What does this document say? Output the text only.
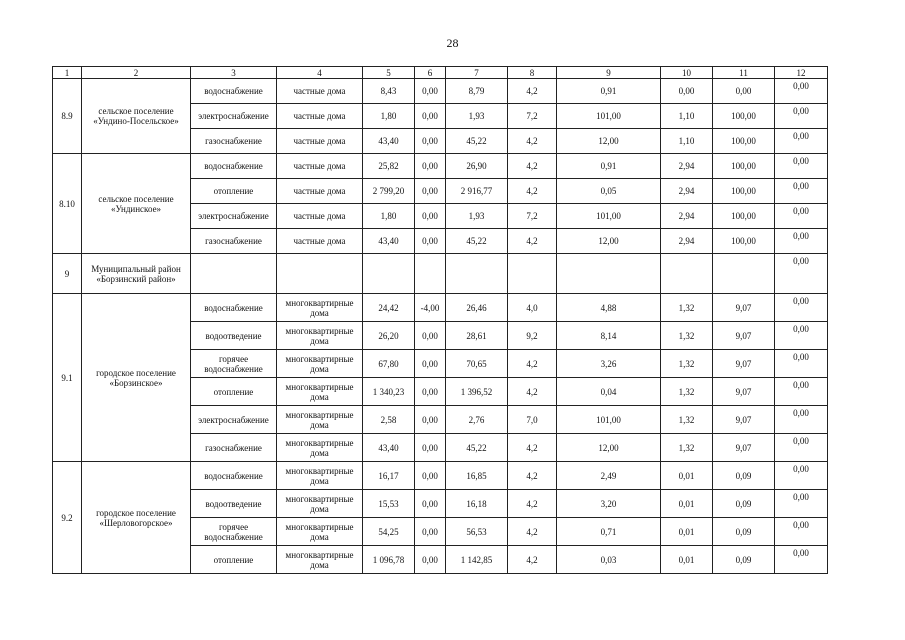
28
1	2	3	4	5	6	7	8	9	10	11	12
8.9	сельское поселение «Ундино-Посельское»	водоснабжение	частные дома	8,43	0,00	8,79	4,2	0,91	0,00	0,00	0,00
		электроснабжение	частные дома	1,80	0,00	1,93	7,2	101,00	1,10	100,00	0,00
		газоснабжение	частные дома	43,40	0,00	45,22	4,2	12,00	1,10	100,00	0,00
8.10	сельское поселение «Ундинское»	водоснабжение	частные дома	25,82	0,00	26,90	4,2	0,91	2,94	100,00	0,00
		отопление	частные дома	2 799,20	0,00	2 916,77	4,2	0,05	2,94	100,00	0,00
		электроснабжение	частные дома	1,80	0,00	1,93	7,2	101,00	2,94	100,00	0,00
		газоснабжение	частные дома	43,40	0,00	45,22	4,2	12,00	2,94	100,00	0,00
9	Муниципальный район «Борзинский район»										0,00
9.1	городское поселение «Борзинское»	водоснабжение	многоквартирные дома	24,42	-4,00	26,46	4,0	4,88	1,32	9,07	0,00
		водоотведение	многоквартирные дома	26,20	0,00	28,61	9,2	8,14	1,32	9,07	0,00
		горячее водоснабжение	многоквартирные дома	67,80	0,00	70,65	4,2	3,26	1,32	9,07	0,00
		отопление	многоквартирные дома	1 340,23	0,00	1 396,52	4,2	0,04	1,32	9,07	0,00
		электроснабжение	многоквартирные дома	2,58	0,00	2,76	7,0	101,00	1,32	9,07	0,00
		газоснабжение	многоквартирные дома	43,40	0,00	45,22	4,2	12,00	1,32	9,07	0,00
9.2	городское поселение «Шерловогорское»	водоснабжение	многоквартирные дома	16,17	0,00	16,85	4,2	2,49	0,01	0,09	0,00
		водоотведение	многоквартирные дома	15,53	0,00	16,18	4,2	3,20	0,01	0,09	0,00
		горячее водоснабжение	многоквартирные дома	54,25	0,00	56,53	4,2	0,71	0,01	0,09	0,00
		отопление	многоквартирные дома	1 096,78	0,00	1 142,85	4,2	0,03	0,01	0,09	0,00
